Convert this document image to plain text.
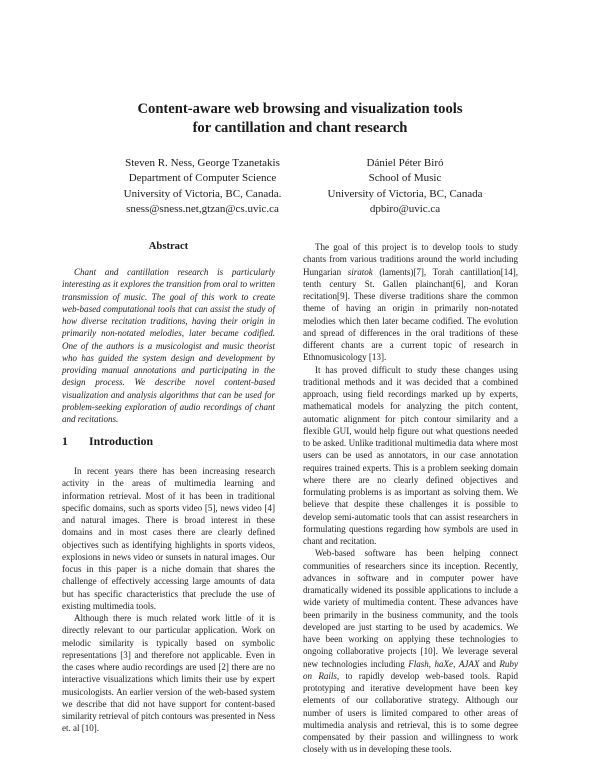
Content-aware web browsing and visualization tools
for cantillation and chant research
Steven R. Ness, George Tzanetakis
Department of Computer Science
University of Victoria, BC, Canada.
sness@sness.net,gtzan@cs.uvic.ca
Dániel Péter Biró
School of Music
University of Victoria, BC, Canada
dpbiro@uvic.ca
Abstract

Chant and cantillation research is particularly interesting as it explores the transition from oral to written transmission of music. The goal of this work to create web-based computational tools that can assist the study of how diverse recitation traditions, having their origin in primarily non-notated melodies, later became codified. One of the authors is a musicologist and music theorist who has guided the system design and development by providing manual annotations and participating in the design process. We describe novel content-based visualization and analysis algorithms that can be used for problem-seeking exploration of audio recordings of chant and recitations.

1 Introduction

In recent years there has been increasing research activity in the areas of multimedia learning and information retrieval. Most of it has been in traditional specific domains, such as sports video [5], news video [4] and natural images. There is broad interest in these domains and in most cases there are clearly defined objectives such as identifying highlights in sports videos, explosions in news video or sunsets in natural images. Our focus in this paper is a niche domain that shares the challenge of effectively accessing large amounts of data but has specific characteristics that preclude the use of existing multimedia tools.

Although there is much related work little of it is directly relevant to our particular application. Work on melodic similarity is typically based on symbolic representations [3] and therefore not applicable. Even in the cases where audio recordings are used [2] there are no interactive visualizations which limits their use by expert musicologists. An earlier version of the web-based system we describe that did not have support for content-based similarity retrieval of pitch contours was presented in Ness et. al [10].

The goal of this project is to develop tools to study chants from various traditions around the world including Hungarian siratok (laments)[7], Torah cantillation[14], tenth century St. Gallen plainchant[6], and Koran recitation[9]. These diverse traditions share the common theme of having an origin in primarily non-notated melodies which then later became codified. The evolution and spread of differences in the oral traditions of these different chants are a current topic of research in Ethnomusicology [13].

It has proved difficult to study these changes using traditional methods and it was decided that a combined approach, using field recordings marked up by experts, mathematical models for analyzing the pitch content, automatic alignment for pitch contour similarity and a flexible GUI, would help figure out what questions needed to be asked. Unlike traditional multimedia data where most users can be used as annotators, in our case annotation requires trained experts. This is a problem seeking domain where there are no clearly defined objectives and formulating problems is as important as solving them. We believe that despite these challenges it is possible to develop semi-automatic tools that can assist researchers in formulating questions regarding how symbols are used in chant and recitation.

Web-based software has been helping connect communities of researchers since its inception. Recently, advances in software and in computer power have dramatically widened its possible applications to include a wide variety of multimedia content. These advances have been primarily in the business community, and the tools developed are just starting to be used by academics. We have been working on applying these technologies to ongoing collaborative projects [10]. We leverage several new technologies including Flash, haXe, AJAX and Ruby on Rails, to rapidly develop web-based tools. Rapid prototyping and iterative development have been key elements of our collaborative strategy. Although our number of users is limited compared to other areas of multimedia analysis and retrieval, this is to some degree compensated by their passion and willingness to work closely with us in developing these tools.
